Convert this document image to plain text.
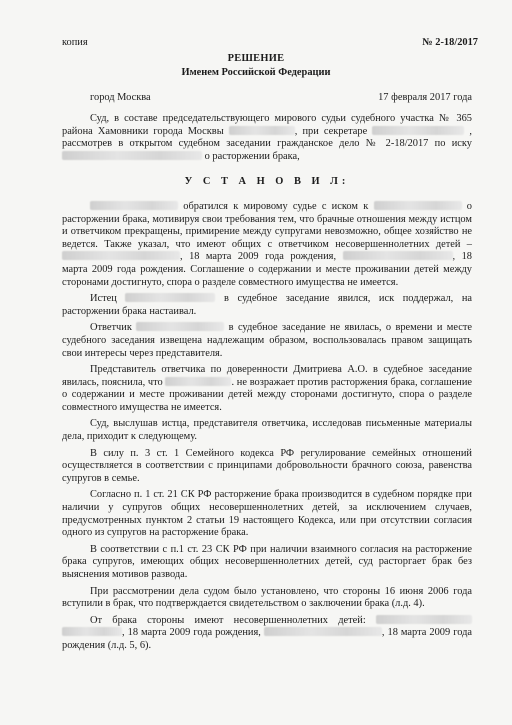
копия	№ 2-18/2017
РЕШЕНИЕ
Именем Российской Федерации
город Москва	17 февраля 2017 года

Суд, в составе председательствующего мирового судьи судебного участка № 365 района Хамовники города Москвы	, при секретаре	, рассмотрев в открытом судебном заседании гражданское дело № 2-18/2017 по иску  о расторжении брака,

У С Т А Н О В И Л:

обратился к мировому судье с иском к	о расторжении брака, мотивируя свои требования тем, что брачные отношения между истцом и ответчиком прекращены, примирение между супругами невозможно, общее хозяйство не ведется. Также указал, что имеют общих с ответчиком несовершеннолетних детей – , 18 марта 2009 года рождения,	, 18 марта 2009 года рождения. Соглашение о содержании и месте проживании детей между сторонами достигнуто, спора о разделе совместного имущества не имеется.

Истец	в судебное заседание явился, иск поддержал, на расторжении брака настаивал.

Ответчик	в судебное заседание не явилась, о времени и месте судебного заседания извещена надлежащим образом, воспользовалась правом защищать свои интересы через представителя.

Представитель ответчика по доверенности Дмитриева А.О. в судебное заседание явилась, пояснила, что	. не возражает против расторжения брака, соглашение о содержании и месте проживании детей между сторонами достигнуто, спора о разделе совместного имущества не имеется.

Суд, выслушав истца, представителя ответчика, исследовав письменные материалы дела, приходит к следующему.

В силу п. 3 ст. 1 Семейного кодекса РФ регулирование семейных отношений осуществляется в соответствии с принципами добровольности брачного союза, равенства супругов в семье.

Согласно п. 1 ст. 21 СК РФ расторжение брака производится в судебном порядке при наличии у супругов общих несовершеннолетних детей, за исключением случаев, предусмотренных пунктом 2 статьи 19 настоящего Кодекса, или при отсутствии согласия одного из супругов на расторжение брака.

В соответствии с п.1 ст. 23 СК РФ при наличии взаимного согласия на расторжение брака супругов, имеющих общих несовершеннолетних детей, суд расторгает брак без выяснения мотивов развода.

При рассмотрении дела судом было установлено, что стороны 16 июня 2006 года вступили в брак, что подтверждается свидетельством о заключении брака (л.д. 4).

От брака стороны имеют несовершеннолетних детей:  , 18 марта 2009 года рождения,	, 18 марта 2009 года рождения (л.д. 5, 6).
